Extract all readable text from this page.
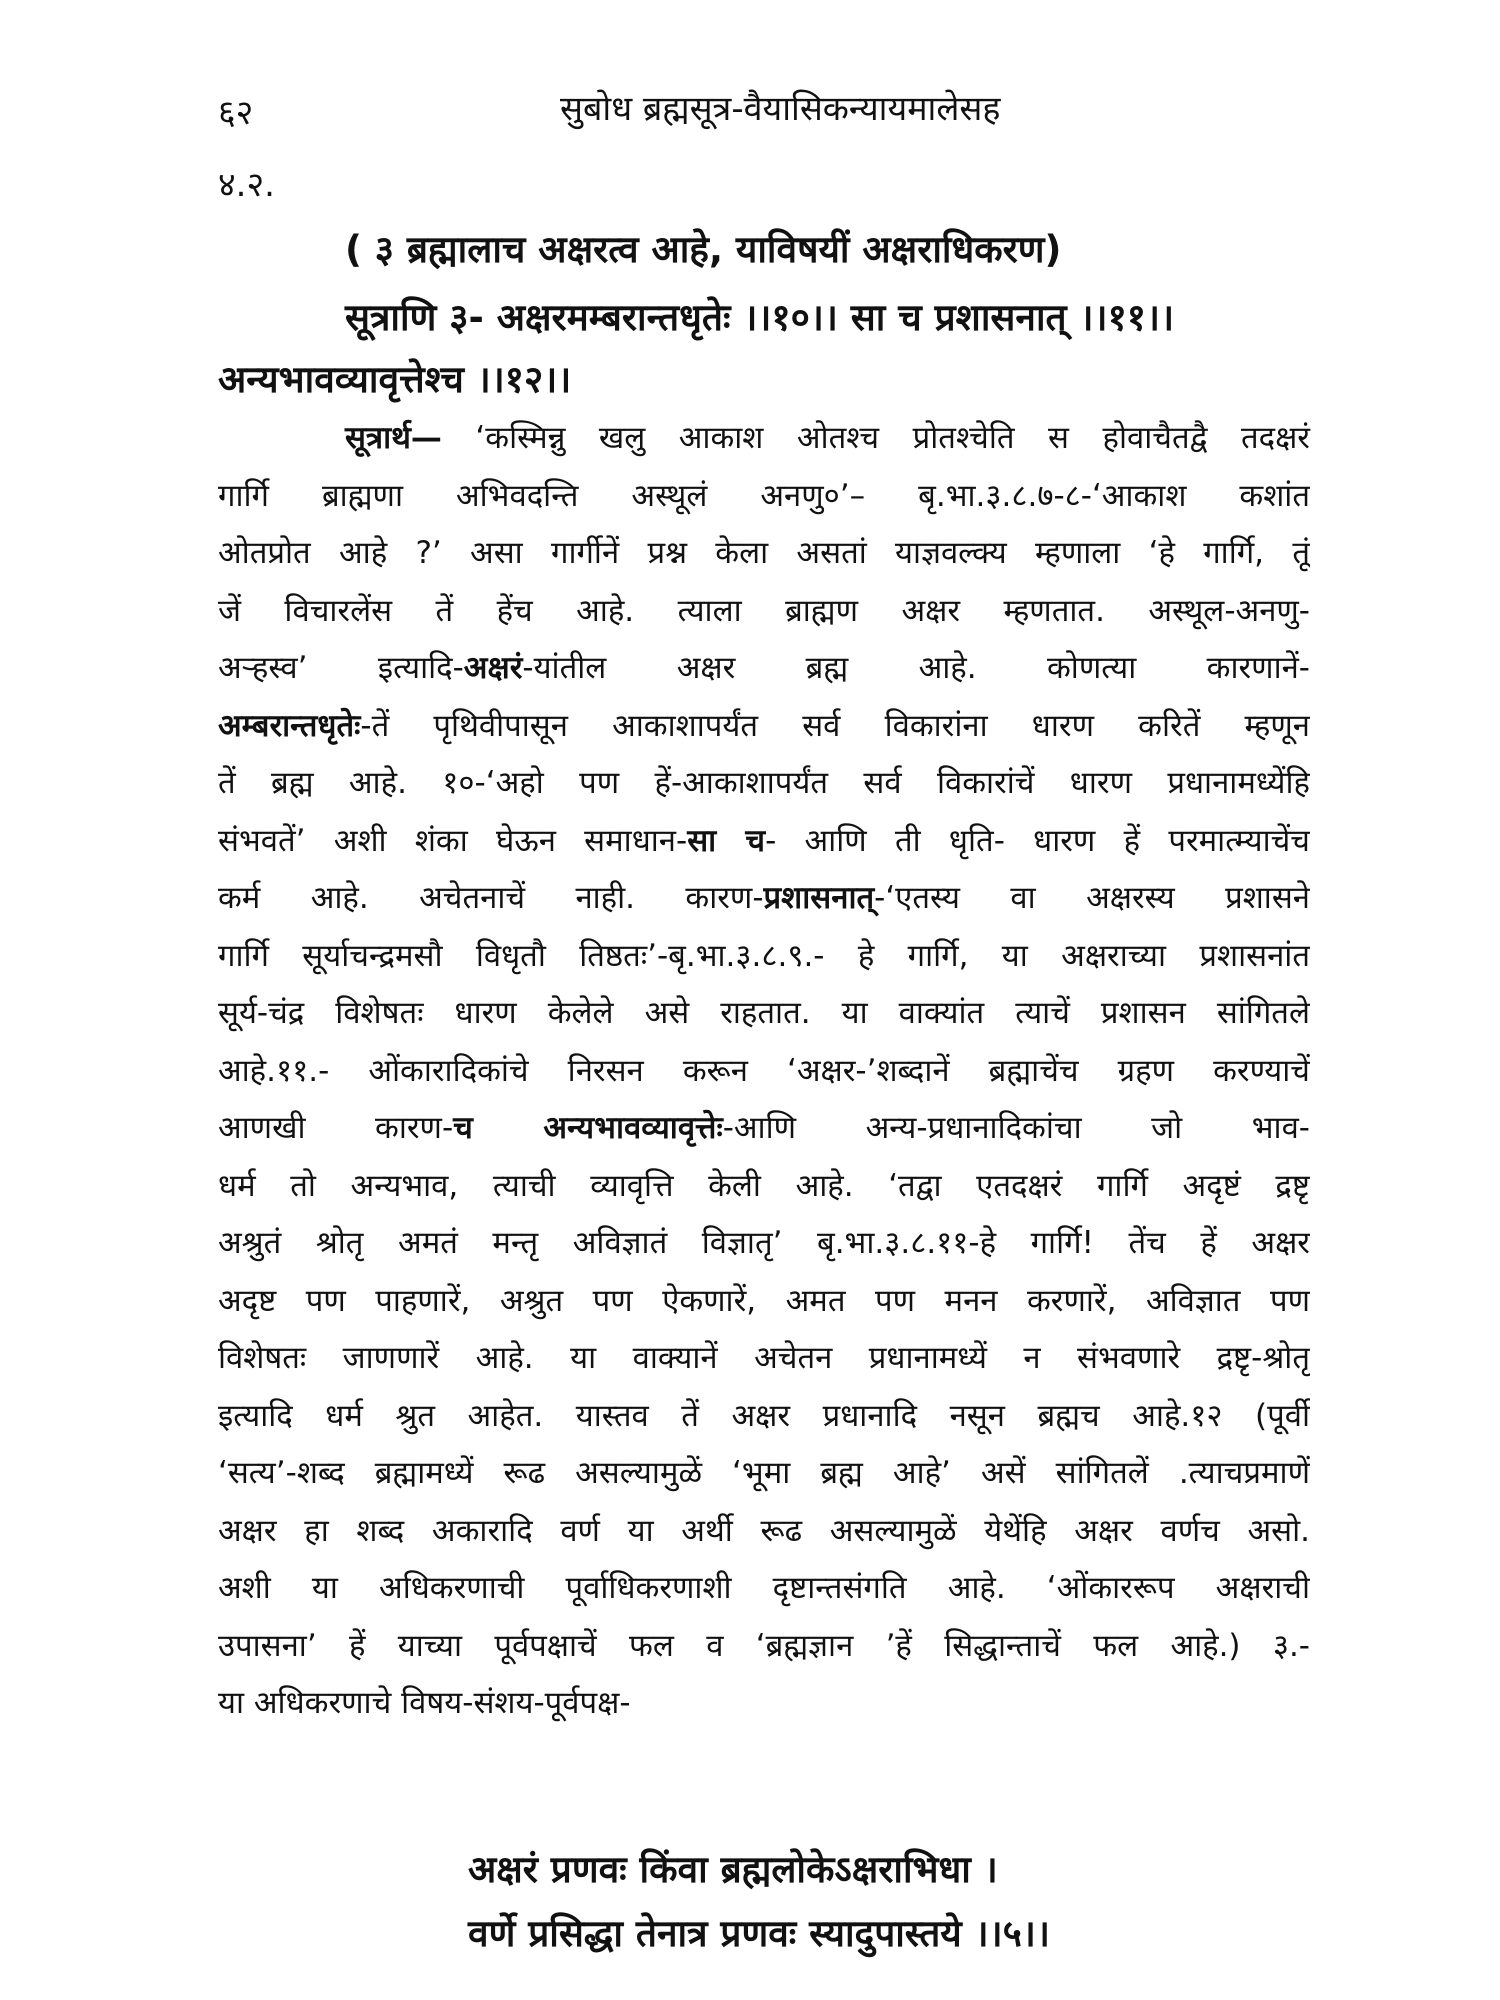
६२	सुबोध ब्रह्मसूत्र-वैयासिकन्यायमालेसह
४.२.
( ३ ब्रह्मालाच अक्षरत्व आहे, याविषयीं अक्षराधिकरण)
सूत्राणि ३- अक्षरमम्बरान्तधृतेः ।।१०।। सा च प्रशासनात् ।।११।।
अन्यभावव्यावृत्तेश्च ।।१२।।
सूत्रार्थ— ‘कस्मिन्नु खलु आकाश ओतश्च प्रोतश्चेति स होवाचैतद्वै तदक्षरं
गार्गि ब्राह्मणा अभिवदन्ति अस्थूलं अनणु०’– बृ.भा.३.८.७-८-‘आकाश कशांत
ओतप्रोत आहे ?’ असा गार्गीनें प्रश्न केला असतां याज्ञवल्क्य म्हणाला ‘हे गार्गि, तूं
जें विचारलेंस तें हेंच आहे. त्याला ब्राह्मण अक्षर म्हणतात. अस्थूल-अनणु-
अऱ्हस्व’ इत्यादि-अक्षरं-यांतील अक्षर ब्रह्म आहे. कोणत्या कारणानें-
अम्बरान्तधृतेः-तें पृथिवीपासून आकाशापर्यंत सर्व विकारांना धारण करितें म्हणून
तें ब्रह्म आहे. १०-‘अहो पण हें-आकाशापर्यंत सर्व विकारांचें धारण प्रधानामध्येंहि
संभवतें’ अशी शंका घेऊन समाधान-सा च- आणि ती धृति- धारण हें परमात्म्याचेंच
कर्म आहे. अचेतनाचें नाही. कारण-प्रशासनात्-‘एतस्य वा अक्षरस्य प्रशासने
गार्गि सूर्याचन्द्रमसौ विधृतौ तिष्ठतः’-बृ.भा.३.८.९.- हे गार्गि, या अक्षराच्या प्रशासनांत
सूर्य-चंद्र विशेषतः धारण केलेले असे राहतात. या वाक्यांत त्याचें प्रशासन सांगितले
आहे.११.- ओंकारादिकांचे निरसन करून ‘अक्षर-’शब्दानें ब्रह्माचेंच ग्रहण करण्याचें
आणखी कारण-च अन्यभावव्यावृत्तेः-आणि अन्य-प्रधानादिकांचा जो भाव-
धर्म तो अन्यभाव, त्याची व्यावृत्ति केली आहे. ‘तद्वा एतदक्षरं गार्गि अदृष्टं द्रष्टृ
अश्रुतं श्रोतृ अमतं मन्तृ अविज्ञातं विज्ञातृ’ बृ.भा.३.८.११-हे गार्गि! तेंच हें अक्षर
अदृष्ट पण पाहणारें, अश्रुत पण ऐकणारें, अमत पण मनन करणारें, अविज्ञात पण
विशेषतः जाणणारें आहे. या वाक्यानें अचेतन प्रधानामध्यें न संभवणारे द्रष्टृ-श्रोतृ
इत्यादि धर्म श्रुत आहेत. यास्तव तें अक्षर प्रधानादि नसून ब्रह्मच आहे.१२ (पूर्वी
‘सत्य’-शब्द ब्रह्मामध्यें रूढ असल्यामुळें ‘भूमा ब्रह्म आहे’ असें सांगितलें .त्याचप्रमाणें
अक्षर हा शब्द अकारादि वर्ण या अर्थी रूढ असल्यामुळें येथेंहि अक्षर वर्णच असो.
अशी या अधिकरणाची पूर्वाधिकरणाशी दृष्टान्तसंगति आहे. ‘ओंकाररूप अक्षराची
उपासना’ हें याच्या पूर्वपक्षाचें फल व ‘ब्रह्मज्ञान ’हें सिद्धान्ताचें फल आहे.) ३.-
या अधिकरणाचे विषय-संशय-पूर्वपक्ष-
अक्षरं प्रणवः किंवा ब्रह्मलोकेऽक्षराभिधा ।
वर्णे प्रसिद्धा तेनात्र प्रणवः स्यादुपास्तये ।।५।।
